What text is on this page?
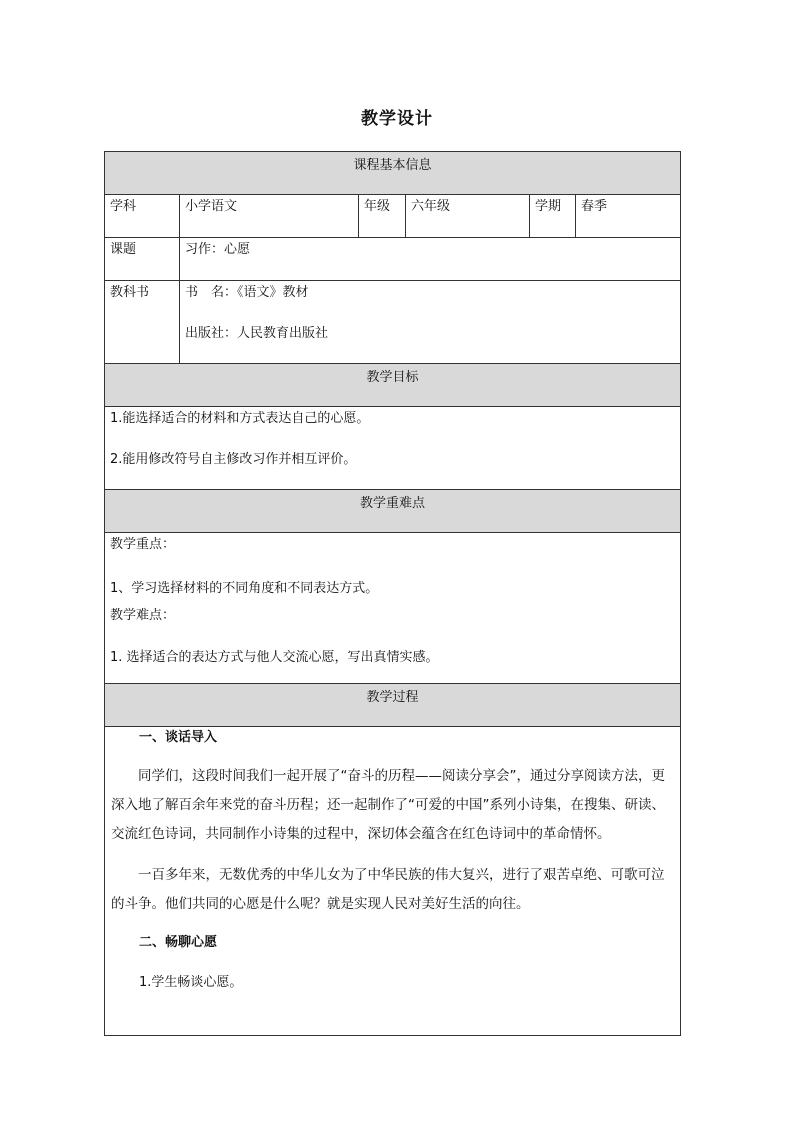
教学设计
课程基本信息					
学科	小学语文	年级	六年级	学期	春季
课题	习作：心愿				
教科书	书　名：《语文》教材

出版社：人民教育出版社				

教学目标					

1.能选择适合的材料和方式表达自己的心愿。

2.能用修改符号自主修改习作并相互评价。					

教学重难点					

教学重点：

1、学习选择材料的不同角度和不同表达方式。

教学难点：

1. 选择适合的表达方式与他人交流心愿，写出真情实感。					

教学过程					

一、谈话导入

同学们，这段时间我们一起开展了“奋斗的历程——阅读分享会”，通过分享阅读方法，更深入地了解百余年来党的奋斗历程；还一起制作了“可爱的中国”系列小诗集，在搜集、研读、交流红色诗词，共同制作小诗集的过程中，深切体会蕴含在红色诗词中的革命情怀。

一百多年来，无数优秀的中华儿女为了中华民族的伟大复兴，进行了艰苦卓绝、可歌可泣的斗争。他们共同的心愿是什么呢？就是实现人民对美好生活的向往。

二、畅聊心愿

1.学生畅谈心愿。					
